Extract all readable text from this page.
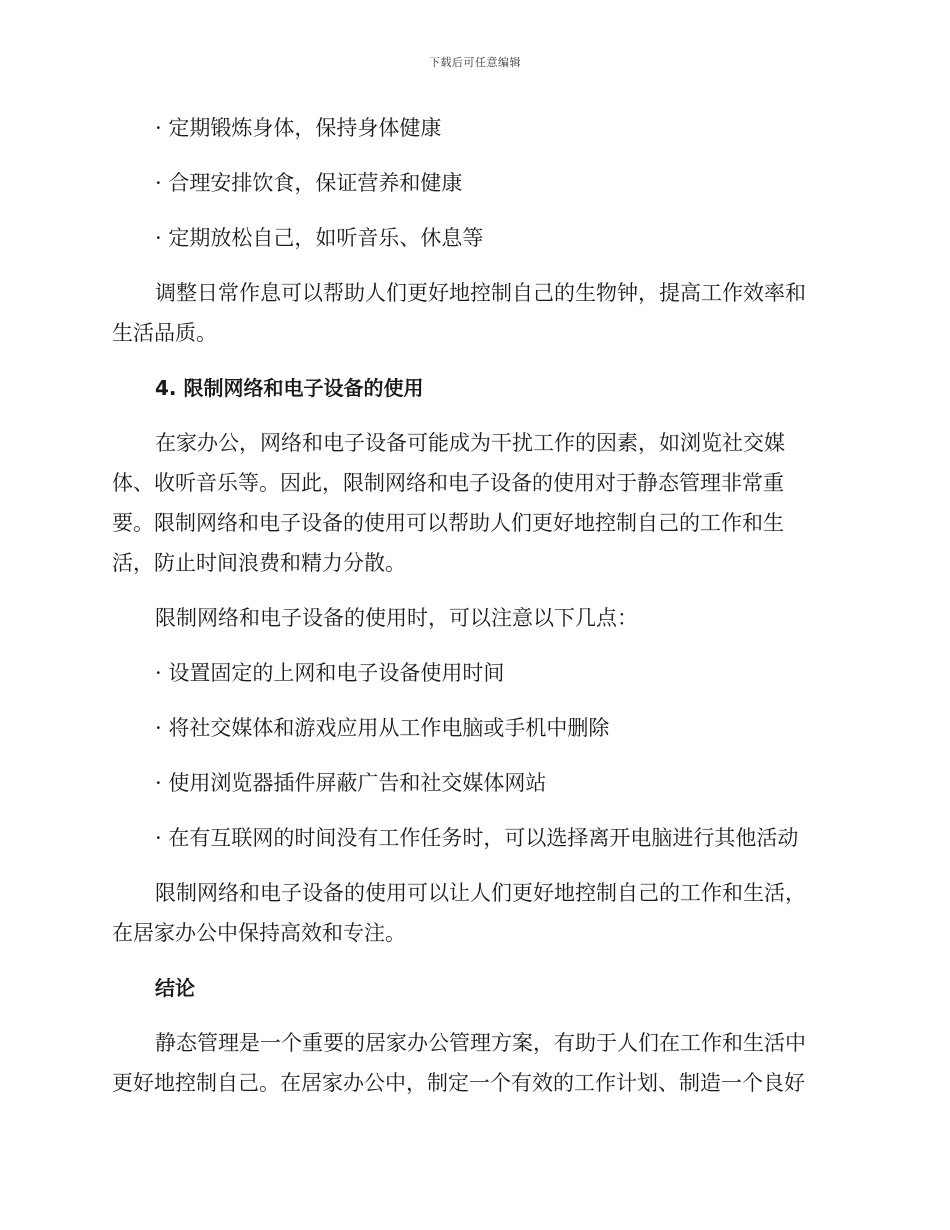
下载后可任意编辑
· 定期锻炼身体，保持身体健康
· 合理安排饮食，保证营养和健康
· 定期放松自己，如听音乐、休息等
调整日常作息可以帮助人们更好地控制自己的生物钟，提高工作效率和
生活品质。
4. 限制网络和电子设备的使用
在家办公，网络和电子设备可能成为干扰工作的因素，如浏览社交媒
体、收听音乐等。因此，限制网络和电子设备的使用对于静态管理非常重
要。限制网络和电子设备的使用可以帮助人们更好地控制自己的工作和生
活，防止时间浪费和精力分散。
限制网络和电子设备的使用时，可以注意以下几点：
· 设置固定的上网和电子设备使用时间
· 将社交媒体和游戏应用从工作电脑或手机中删除
· 使用浏览器插件屏蔽广告和社交媒体网站
· 在有互联网的时间没有工作任务时，可以选择离开电脑进行其他活动
限制网络和电子设备的使用可以让人们更好地控制自己的工作和生活，
在居家办公中保持高效和专注。
结论
静态管理是一个重要的居家办公管理方案，有助于人们在工作和生活中
更好地控制自己。在居家办公中，制定一个有效的工作计划、制造一个良好
